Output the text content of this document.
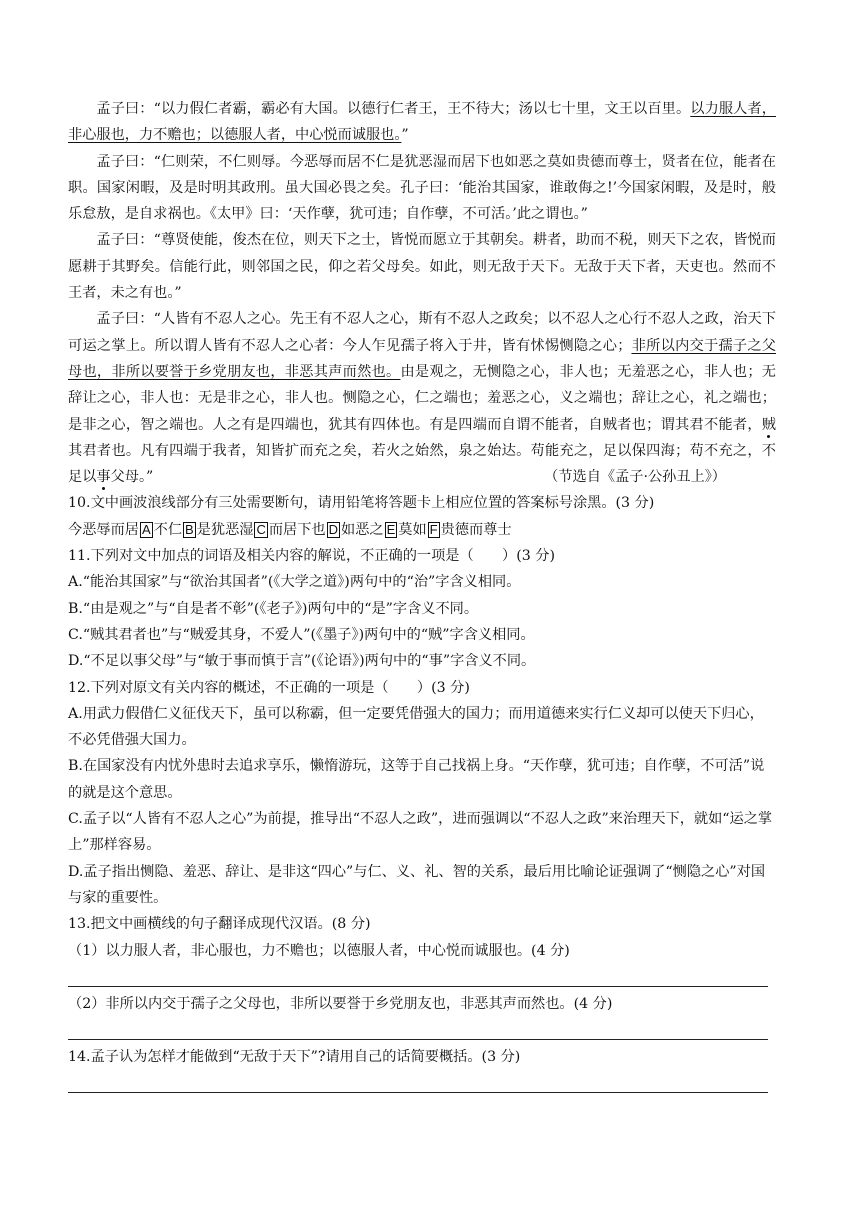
孟子曰：“以力假仁者霸，霸必有大国。以德行仁者王，王不待大；汤以七十里，文王以百里。以力服人者，非心服也，力不赡也；以德服人者，中心悦而诚服也。”

孟子曰：“仁则荣，不仁则辱。今恶辱而居不仁是犹恶湿而居下也如恶之莫如贵德而尊士，贤者在位，能者在职。国家闲暇，及是时明其政刑。虽大国必畏之矣。孔子曰：‘能治其国家，谁敢侮之!’今国家闲暇，及是时，般乐怠敖，是自求祸也。《太甲》曰：‘天作孽，犹可违；自作孽，不可活。’此之谓也。”

孟子曰：“尊贤使能，俊杰在位，则天下之士，皆悦而愿立于其朝矣。耕者，助而不税，则天下之农，皆悦而愿耕于其野矣。信能行此，则邻国之民，仰之若父母矣。如此，则无敌于天下。无敌于天下者，天吏也。然而不王者，未之有也。”

孟子曰：“人皆有不忍人之心。先王有不忍人之心，斯有不忍人之政矣；以不忍人之心行不忍人之政，治天下可运之掌上。所以谓人皆有不忍人之心者：今人乍见孺子将入于井，皆有怵惕恻隐之心；非所以内交于孺子之父母也，非所以要誉于乡党朋友也，非恶其声而然也。由是观之，无恻隐之心，非人也；无羞恶之心，非人也；无辞让之心，非人也：无是非之心，非人也。恻隐之心，仁之端也；羞恶之心，义之端也；辞让之心，礼之端也；是非之心，智之端也。人之有是四端也，犹其有四体也。有是四端而自谓不能者，自贼者也；谓其君不能者，贼其君者也。凡有四端于我者，知皆扩而充之矣，若火之始然，泉之始达。苟能充之，足以保四海；苟不充之，不足以事父母。”	（节选自《孟子·公孙丑上》）

10.文中画波浪线部分有三处需要断句，请用铅笔将答题卡上相应位置的答案标号涂黑。(3 分)

今恶辱而居 A 不仁 B 是犹恶湿 C 而居下也 D 如恶之 E 莫如 F 贵德而尊士

11.下列对文中加点的词语及相关内容的解说，不正确的一项是（　　）(3 分)

A.“能治其国家”与“欲治其国者”(《大学之道》)两句中的“治”字含义相同。

B.“由是观之”与“自是者不彰”(《老子》)两句中的“是”字含义不同。

C.“贼其君者也”与“贼爱其身，不爱人”(《墨子》)两句中的“贼”字含义相同。

D.“不足以事父母”与“敏于事而慎于言”(《论语》)两句中的“事”字含义不同。

12.下列对原文有关内容的概述，不正确的一项是（　　）(3 分)

A.用武力假借仁义征伐天下，虽可以称霸，但一定要凭借强大的国力；而用道德来实行仁义却可以使天下归心，不必凭借强大国力。

B.在国家没有内忧外患时去追求享乐，懒惰游玩，这等于自己找祸上身。“天作孽，犹可违；自作孽，不可活”说的就是这个意思。

C.孟子以“人皆有不忍人之心”为前提，推导出“不忍人之政”，进而强调以“不忍人之政”来治理天下，就如“运之掌上”那样容易。

D.孟子指出恻隐、羞恶、辞让、是非这“四心”与仁、义、礼、智的关系，最后用比喻论证强调了“恻隐之心”对国与家的重要性。

13.把文中画横线的句子翻译成现代汉语。(8 分)

（1）以力服人者，非心服也，力不赡也；以德服人者，中心悦而诚服也。(4 分)

（2）非所以内交于孺子之父母也，非所以要誉于乡党朋友也，非恶其声而然也。(4 分)

14.孟子认为怎样才能做到“无敌于天下”?请用自己的话简要概括。(3 分)
